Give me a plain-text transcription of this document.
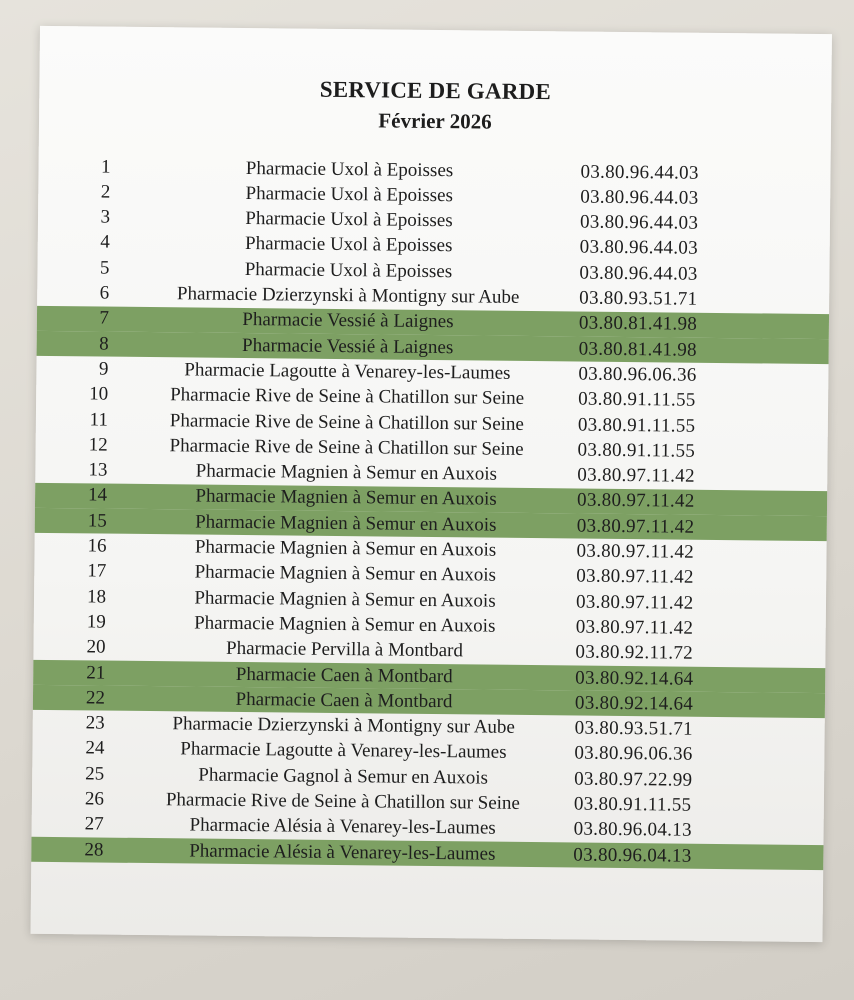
SERVICE DE GARDE
Février 2026
1	Pharmacie Uxol à Epoisses	03.80.96.44.03
2	Pharmacie Uxol à Epoisses	03.80.96.44.03
3	Pharmacie Uxol à Epoisses	03.80.96.44.03
4	Pharmacie Uxol à Epoisses	03.80.96.44.03
5	Pharmacie Uxol à Epoisses	03.80.96.44.03
6	Pharmacie Dzierzynski à Montigny sur Aube	03.80.93.51.71
7	Pharmacie Vessié à Laignes	03.80.81.41.98
8	Pharmacie Vessié à Laignes	03.80.81.41.98
9	Pharmacie Lagoutte à Venarey-les-Laumes	03.80.96.06.36
10	Pharmacie Rive de Seine à Chatillon sur Seine	03.80.91.11.55
11	Pharmacie Rive de Seine à Chatillon sur Seine	03.80.91.11.55
12	Pharmacie Rive de Seine à Chatillon sur Seine	03.80.91.11.55
13	Pharmacie Magnien à Semur en Auxois	03.80.97.11.42
14	Pharmacie Magnien à Semur en Auxois	03.80.97.11.42
15	Pharmacie Magnien à Semur en Auxois	03.80.97.11.42
16	Pharmacie Magnien à Semur en Auxois	03.80.97.11.42
17	Pharmacie Magnien à Semur en Auxois	03.80.97.11.42
18	Pharmacie Magnien à Semur en Auxois	03.80.97.11.42
19	Pharmacie Magnien à Semur en Auxois	03.80.97.11.42
20	Pharmacie Pervilla à Montbard	03.80.92.11.72
21	Pharmacie Caen à Montbard	03.80.92.14.64
22	Pharmacie Caen à Montbard	03.80.92.14.64
23	Pharmacie Dzierzynski à Montigny sur Aube	03.80.93.51.71
24	Pharmacie Lagoutte à Venarey-les-Laumes	03.80.96.06.36
25	Pharmacie Gagnol à Semur en Auxois	03.80.97.22.99
26	Pharmacie Rive de Seine à Chatillon sur Seine	03.80.91.11.55
27	Pharmacie Alésia à Venarey-les-Laumes	03.80.96.04.13
28	Pharmacie Alésia à Venarey-les-Laumes	03.80.96.04.13
